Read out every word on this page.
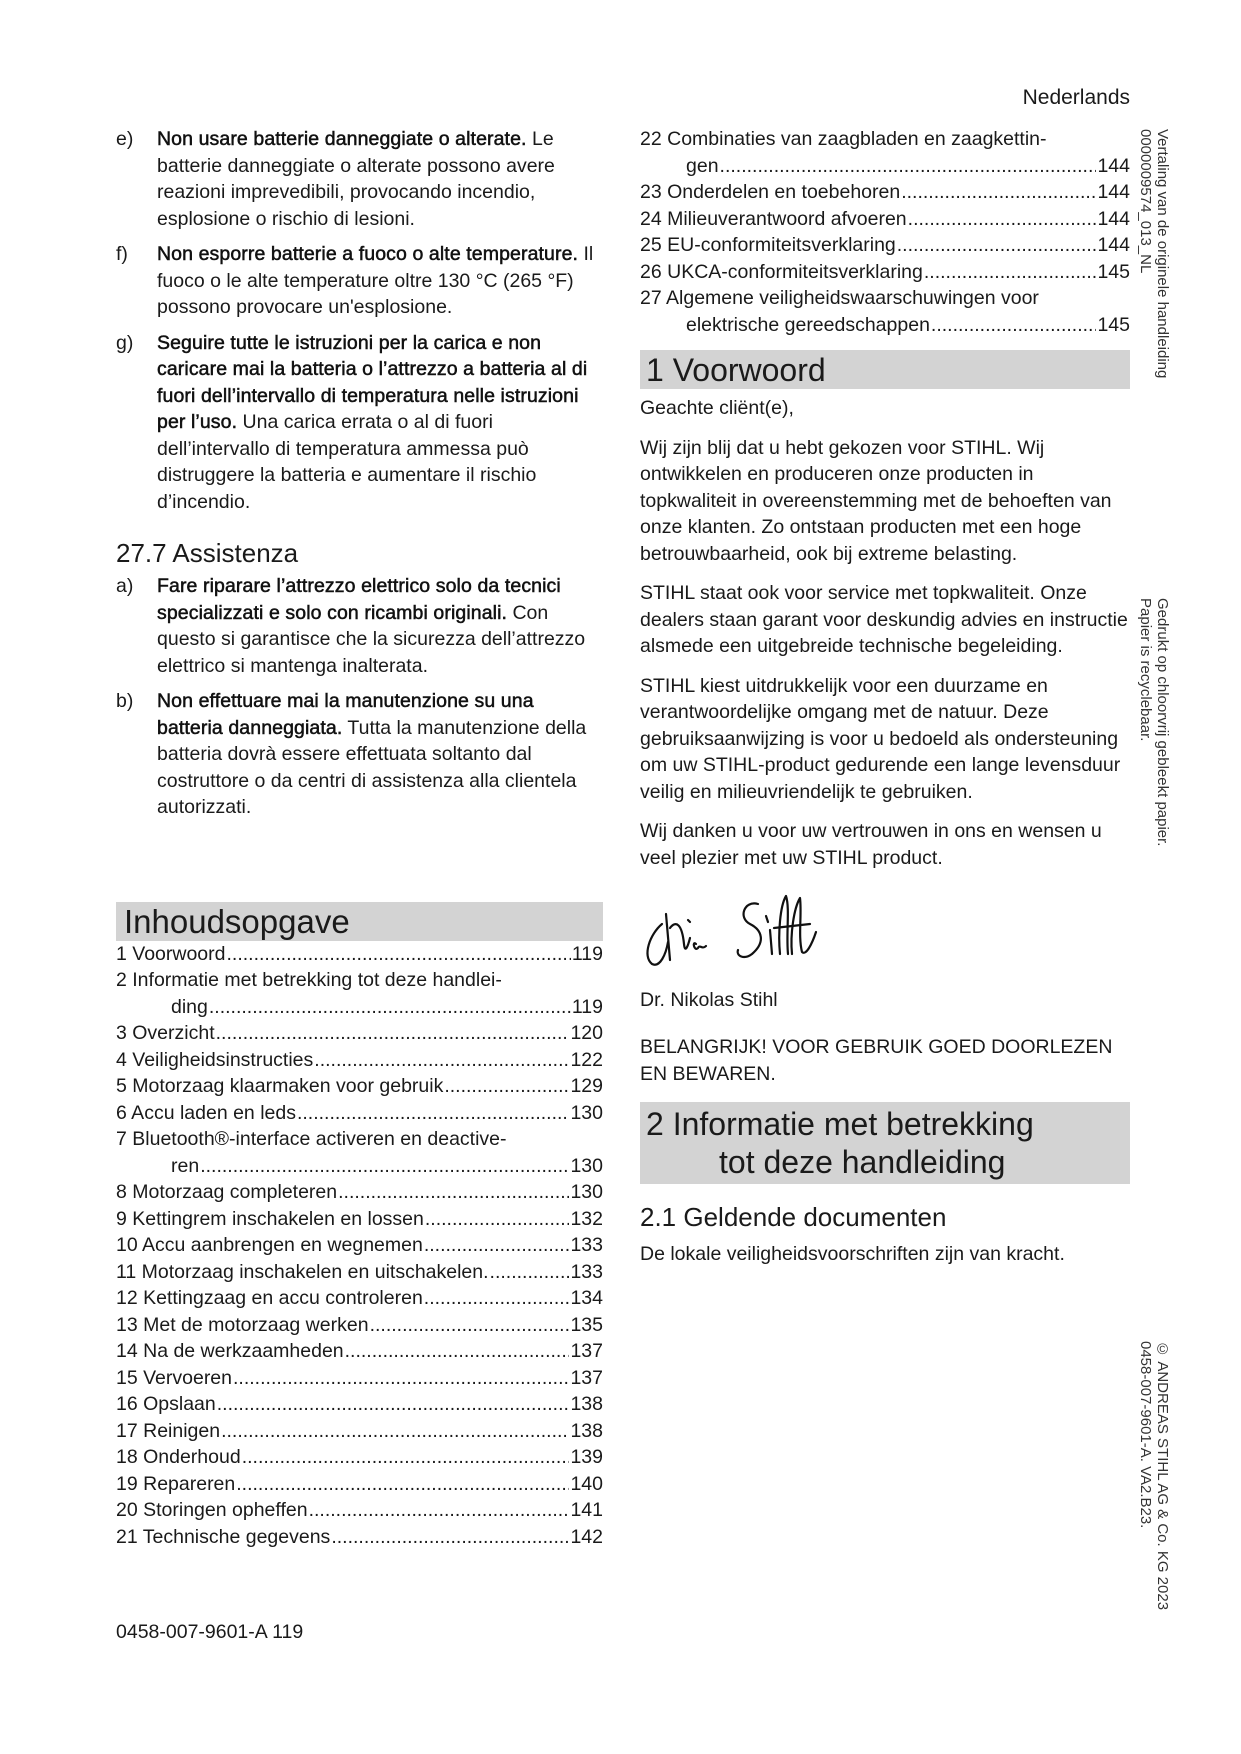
Nederlands
e)	Non usare batterie danneggiate o alterate. Le batterie danneggiate o alterate possono avere reazioni imprevedibili, provocando incendio, esplosione o rischio di lesioni.
f)	Non esporre batterie a fuoco o alte temperature. Il fuoco o le alte temperature oltre 130 °C (265 °F) possono provocare un'esplosione.
g)	Seguire tutte le istruzioni per la carica e non caricare mai la batteria o l’attrezzo a batteria al di fuori dell’intervallo di temperatura nelle istruzioni per l’uso. Una carica errata o al di fuori dell’intervallo di temperatura ammessa può distruggere la batteria e aumentare il rischio d’incendio.
27.7 Assistenza
a)	Fare riparare l’attrezzo elettrico solo da tecnici specializzati e solo con ricambi originali. Con questo si garantisce che la sicurezza dell’attrezzo elettrico si mantenga inalterata.
b)	Non effettuare mai la manutenzione su una batteria danneggiata. Tutta la manutenzione della batteria dovrà essere effettuata soltanto dal costruttore o da centri di assistenza alla clientela autorizzati.
Inhoudsopgave
1 Voorwoord .....	119
2 Informatie met betrekking tot deze handlei-
ding .....	119
3 Overzicht .....	120
4 Veiligheidsinstructies .....	122
5 Motorzaag klaarmaken voor gebruik .....	129
6 Accu laden en leds .....	130
7 Bluetooth®-interface activeren en deactive-
ren .....	130
8 Motorzaag completeren .....	130
9 Kettingrem inschakelen en lossen .....	132
10 Accu aanbrengen en wegnemen .....	133
11 Motorzaag inschakelen en uitschakelen. .....	133
12 Kettingzaag en accu controleren .....	134
13 Met de motorzaag werken .....	135
14 Na de werkzaamheden .....	137
15 Vervoeren .....	137
16 Opslaan .....	138
17 Reinigen .....	138
18 Onderhoud .....	139
19 Repareren .....	140
20 Storingen opheffen .....	141
21 Technische gegevens .....	142
22 Combinaties van zaagbladen en zaagkettin-
gen .....	144
23 Onderdelen en toebehoren .....	144
24 Milieuverantwoord afvoeren .....	144
25 EU-conformiteitsverklaring .....	144
26 UKCA-conformiteitsverklaring .....	145
27 Algemene veiligheidswaarschuwingen voor
elektrische gereedschappen .....	145
1 Voorwoord
Geachte cliënt(e),
Wij zijn blij dat u hebt gekozen voor STIHL. Wij ontwikkelen en produceren onze producten in topkwaliteit in overeenstemming met de behoeften van onze klanten. Zo ontstaan producten met een hoge betrouwbaarheid, ook bij extreme belasting.
STIHL staat ook voor service met topkwaliteit. Onze dealers staan garant voor deskundig advies en instructie alsmede een uitgebreide technische begeleiding.
STIHL kiest uitdrukkelijk voor een duurzame en verantwoordelijke omgang met de natuur. Deze gebruiksaanwijzing is voor u bedoeld als ondersteuning om uw STIHL-product gedurende een lange levensduur veilig en milieuvriendelijk te gebruiken.
Wij danken u voor uw vertrouwen in ons en wensen u veel plezier met uw STIHL product.
Dr. Nikolas Stihl
BELANGRIJK! VOOR GEBRUIK GOED DOORLEZEN EN BEWAREN.
2 Informatie met betrekking
tot deze handleiding
2.1 Geldende documenten
De lokale veiligheidsvoorschriften zijn van kracht.
Vertaling van de originele handleiding
0000009574_013_NL
Gedrukt op chloorvrij gebleekt papier.
Papier is recyclebaar.
© ANDREAS STIHL AG & Co. KG 2023
0458-007-9601-A. VA2.B23.
0458-007-9601-A 119
